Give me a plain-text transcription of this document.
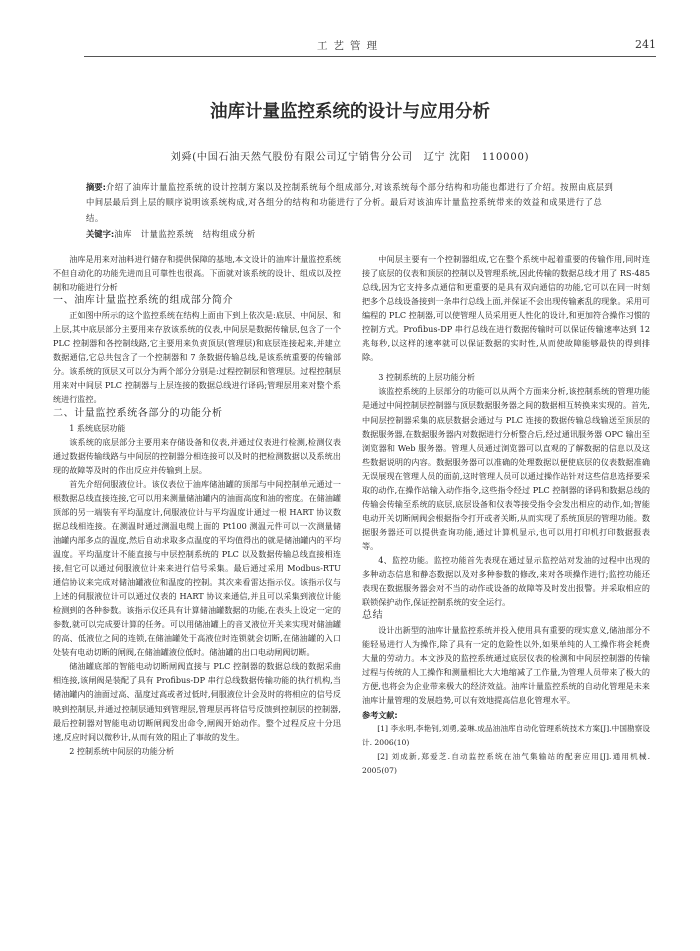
工艺管理	241
油库计量监控系统的设计与应用分析
刘舜(中国石油天然气股份有限公司辽宁销售分公司　辽宁 沈阳　110000)
摘要:介绍了油库计量监控系统的设计控制方案以及控制系统每个组成部分,对该系统每个部分结构和功能也都进行了介绍。按照由底层到中间层最后到上层的顺序说明该系统构成,对各组分的结构和功能进行了分析。最后对该油库计量监控系统带来的效益和成果进行了总结。
关键字:油库　计量监控系统　结构组成分析

油库是用来对油料进行储存和提供保障的基地,本文设计的油库计量监控系统不但自动化的功能先进而且可靠性也很高。下面就对该系统的设计、组成以及控制和功能进行分析

一、油库计量监控系统的组成部分简介

正如图中所示的这个监控系统在结构上面由下到上依次是:底层、中间层、和上层,其中底层部分主要用来存放该系统的仪表,中间层是数据传输层,包含了一个 PLC 控制器和各控制线路,它主要用来负责顶层(管理层)和底层连接起来,并建立数据通信,它总共包含了一个控制器和 7 条数据传输总线,是该系统重要的传输部分。该系统的顶层又可以分为两个部分分别是:过程控制层和管理层。过程控制层用来对中间层 PLC 控制器与上层连接的数据总线进行译码;管理层用来对整个系统进行监控。

二、计量监控系统各部分的功能分析

1 系统底层功能

该系统的底层部分主要用来存储设备和仪表,并通过仪表进行检测,检测仪表通过数据传输线路与中间层的控制器分相连接可以及时的把检测数据以及系统出现的故障等及时的作出反应并传输到上层。

首先介绍伺服液位计。该仪表位于油库储油罐的顶部与中间控制单元通过一根数据总线直接连接,它可以用来测量储油罐内的油面高度和油的密度。在储油罐顶部的另一端装有平均温度计,伺服液位计与平均温度计通过一根 HART 协议数据总线相连接。在测温时通过测温电缆上面的 Pt100 测温元件可以一次测量储油罐内部多点的温度,然后自动求取多点温度的平均值得出的就是储油罐内的平均温度。平均温度计不能直接与中层控制系统的 PLC 以及数据传输总线直接相连接,但它可以通过伺服液位计来来进行信号采集。最后通过采用 Modbus-RTU 通信协议来完成对储油罐液位和温度的控制。其次来看雷达指示仪。该指示仪与上述的伺服液位计可以通过仪表的 HART 协议来通信,并且可以采集到液位计能检测到的各种参数。该指示仪还具有计算储油罐数据的功能,在表头上设定一定的参数,就可以完成要计算的任务。可以用储油罐上的音叉液位开关来实现对储油罐的高、低液位之间的连锁,在储油罐处于高液位时连锁就会切断,在储油罐的入口处装有电动切断的闸阀,在储油罐液位低时。储油罐的出口电动闸阀切断。

储油罐底部的智能电动切断闸阀直接与 PLC 控制器的数据总线的数据采曲相连接,该闸阀是装配了具有 Profibus-DP 串行总线数据传输功能的执行机构,当储油罐内的油面过高、温度过高或者过低时,伺服液位计会及时的将相应的信号反映到控制层,并通过控制层通知到管理层,管理层再将信号反馈到控制层的控制器,最后控制器对智能电动切断闸阀发出命令,闸阀开始动作。整个过程反应十分迅速,反应时间以微秒计,从而有效的阻止了事故的发生。

2 控制系统中间层的功能分析

中间层主要有一个控制器组成,它在整个系统中起着重要的传输作用,同时连接了底层的仪表和顶层的控制以及管理系统,因此传输的数据总线才用了 RS-485 总线,因为它支持多点通信和更重要的是具有双向通信的功能,它可以在同一时刻把多个总线设备接到一条串行总线上面,并保证不会出现传输紊乱的现象。采用可编程的 PLC 控制器,可以使管理人员采用更人性化的设计,和更加符合操作习惯的控制方式。Profibus-DP 串行总线在进行数据传输时可以保证传输速率达到 12 兆每秒,以这样的速率就可以保证数据的实时性,从而使故障能够最快的得到排除。

3 控制系统的上层功能分析

该监控系统的上层部分的功能可以从两个方面来分析,该控制系统的管理功能是通过中间控制层控制器与顶层数据服务器之间的数据相互转换来实现的。首先,中间层控制器采集的底层数据会通过与 PLC 连接的数据传输总线输送至顶层的数据服务器,在数据服务器内对数据进行分析整合后,经过通讯服务器 OPC 输出至浏览器和 Web 服务器。管理人员通过浏览器可以直观的了解数据的信息以及这些数据说明的内容。数据服务器可以准确的处理数据以便使底层的仪表数据准确无误展现在管理人员的面前,这时管理人员可以通过操作站针对这些信息选择要采取的动作,在操作站输入动作指令,这些指令经过 PLC 控制器的译码和数据总线的传输会传输至系统的底层,底层设备和仪表等接受指令会发出相应的动作,如;智能电动开关切断闸阀会根据指令打开或者关断,从而实现了系统顶层的管理功能。数据服务器还可以提供查询功能,通过计算机显示,也可以用打印机打印数据报表等。

4、监控功能。监控功能首先表现在通过显示监控站对发油的过程中出现的多种动态信息和静态数据以及对多种参数的修改,来对各项操作进行;监控功能还表现在数据服务器会对不当的动作或设备的故障等及时发出报警。并采取相应的联锁保护动作,保证控制系统的安全运行。

总结

设计出新型的油库计量监控系统并投入使用具有重要的现实意义,储油部分不能轻易进行人为操作,除了具有一定的危险性以外,如果单纯的人工操作将会耗费大量的劳动力。本文涉及的监控系统通过底层仪表的检测和中间层控制器的传输过程与传统的人工操作和测量相比大大地缩减了工作量,为管理人员带来了极大的方便,也将会为企业带来极大的经济效益。油库计量监控系统的自动化管理是未来油库计量管理的发展趋势,可以有效地提高信息化管理水平。

参考文献:

[1] 李永明,李艳钊,刘勇,姜琳.成品油油库自动化管理系统技术方案[J].中国勘察设计. 2006(10)

[2] 刘成新,郑爱芝.自动监控系统在油气集输站的配套应用[J].通用机械. 2005(07)
